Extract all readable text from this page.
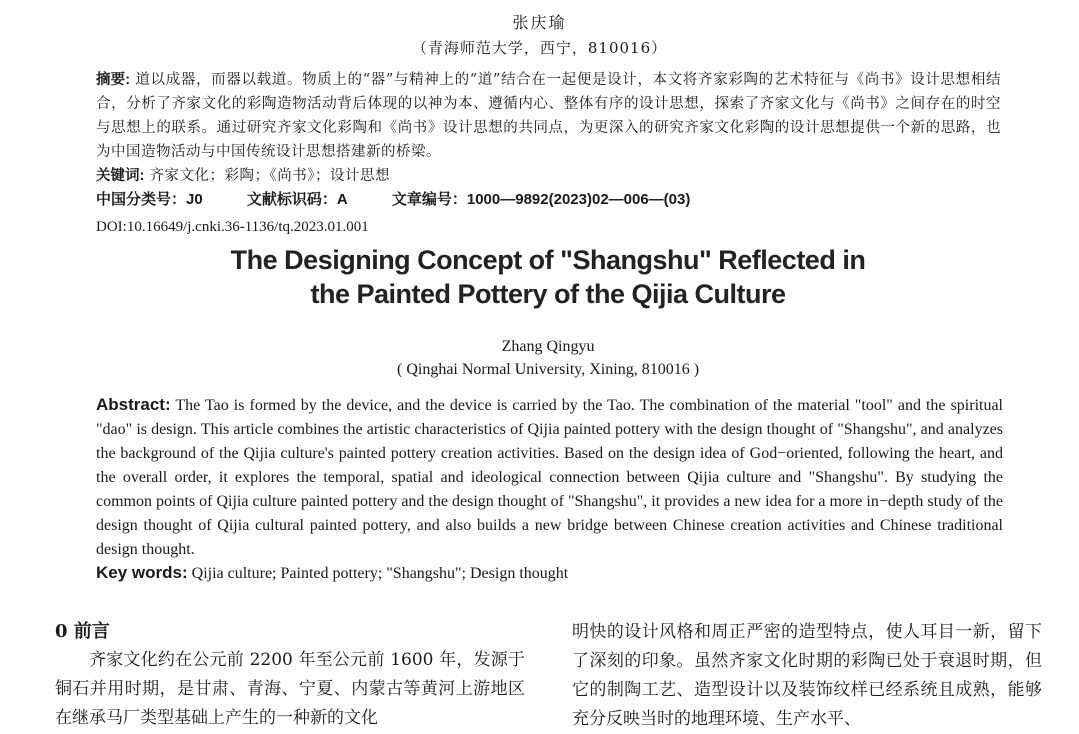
张庆瑜
（青海师范大学，西宁，810016）
摘要: 道以成器，而器以载道。物质上的“器”与精神上的“道”结合在一起便是设计，本文将齐家彩陶的艺术特征与《尚书》设计思想相结合，分析了齐家文化的彩陶造物活动背后体现的以神为本、遵循内心、整体有序的设计思想，探索了齐家文化与《尚书》之间存在的时空与思想上的联系。通过研究齐家文化彩陶和《尚书》设计思想的共同点，为更深入的研究齐家文化彩陶的设计思想提供一个新的思路，也为中国造物活动与中国传统设计思想搭建新的桥梁。
关键词: 齐家文化；彩陶；《尚书》；设计思想
中国分类号：J0	文献标识码：A	文章编号：1000—9892(2023)02—006—(03)
DOI:10.16649/j.cnki.36-1136/tq.2023.01.001
The Designing Concept of "Shangshu" Reflected in
the Painted Pottery of the Qijia Culture
Zhang Qingyu
( Qinghai Normal University, Xining, 810016 )
Abstract: The Tao is formed by the device, and the device is carried by the Tao. The combination of the material "tool" and the spiritual "dao" is design. This article combines the artistic characteristics of Qijia painted pottery with the design thought of "Shangshu", and analyzes the background of the Qijia culture's painted pottery creation activities. Based on the design idea of God−oriented, following the heart, and the overall order, it explores the temporal, spatial and ideological connection between Qijia culture and "Shangshu". By studying the common points of Qijia culture painted pottery and the design thought of "Shangshu", it provides a new idea for a more in−depth study of the design thought of Qijia cultural painted pottery, and also builds a new bridge between Chinese creation activities and Chinese traditional design thought.
Key words: Qijia culture; Painted pottery; "Shangshu"; Design thought
0 前言
齐家文化约在公元前 2200 年至公元前 1600 年，发源于铜石并用时期，是甘肃、青海、宁夏、内蒙古等黄河上游地区在继承马厂类型基础上产生的一种新的文化
明快的设计风格和周正严密的造型特点，使人耳目一新，留下了深刻的印象。虽然齐家文化时期的彩陶已处于衰退时期，但它的制陶工艺、造型设计以及装饰纹样已经系统且成熟，能够充分反映当时的地理环境、生产水平、
